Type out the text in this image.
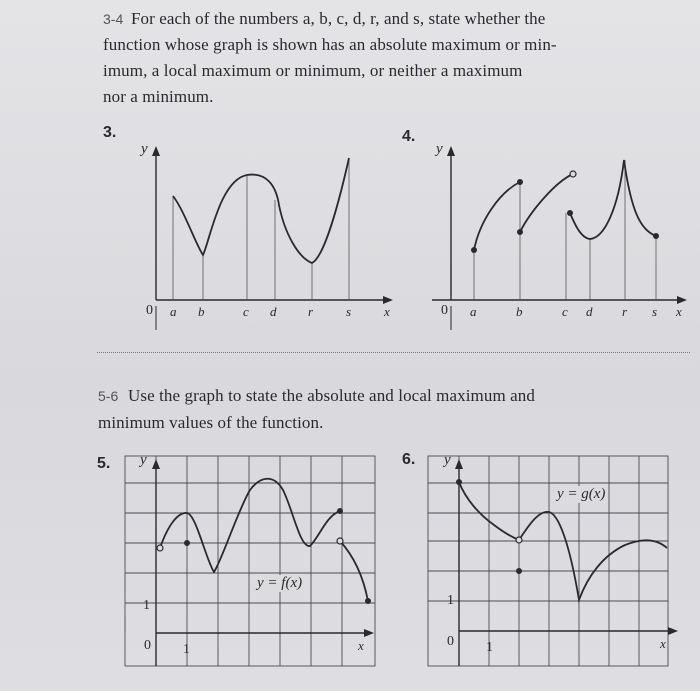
3-4 For each of the numbers a, b, c, d, r, and s, state whether the
function whose graph is shown has an absolute maximum or min-
imum, a local maximum or minimum, or neither a maximum
nor a minimum.
3.
y
0 a b	c d r	s	x
4.
y
0 a	b	c d r s x
5-6 Use the graph to state the absolute and local maximum and
minimum values of the function.
5. y
y = f(x)
1
0 1	x
6. y
y = g(x)
1
0 1	x
